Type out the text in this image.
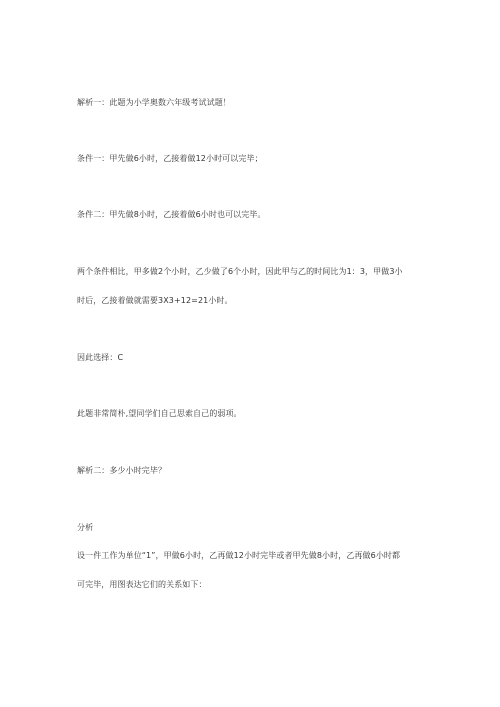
解析一：此题为小学奥数六年级考试试题！
条件一：甲先做6小时，乙接着做12小时可以完毕；
条件二：甲先做8小时，乙接着做6小时也可以完毕。
两个条件相比，甲多做2个小时，乙少做了6个小时，因此甲与乙的时间比为1：3，甲做3小
时后，乙接着做就需要3X3+12=21小时。
因此选择：C
此题非常简朴,望同学们自己思索自己的弱项。
解析二：多少小时完毕？
分析
设一件工作为单位“1”，甲做6小时，乙再做12小时完毕或者甲先做8小时，乙再做6小时都
可完毕，用图表达它们的关系如下：
